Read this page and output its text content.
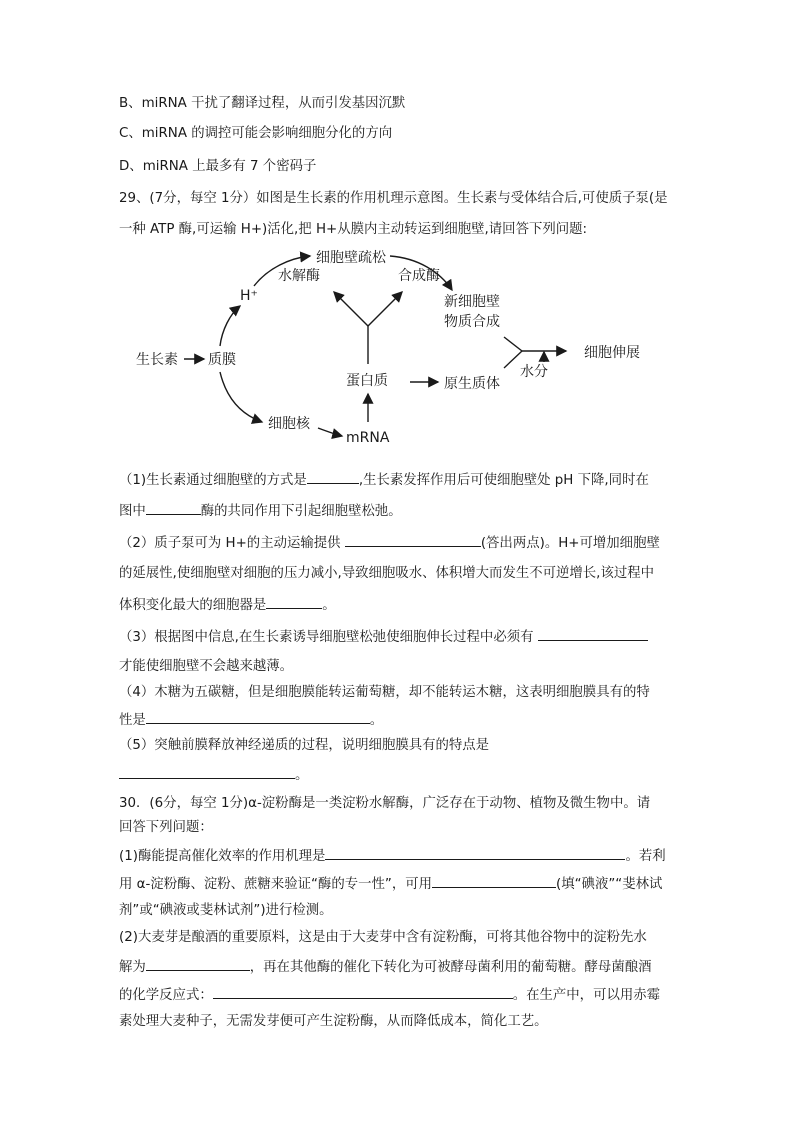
B、miRNA 干扰了翻译过程，从而引发基因沉默
C、miRNA 的调控可能会影响细胞分化的方向
D、miRNA 上最多有 7 个密码子
29、(7分，每空 1分）如图是生长素的作用机理示意图。生长素与受体结合后,可使质子泵(是
一种 ATP 酶,可运输 H+)活化,把 H+从膜内主动转运到细胞壁,请回答下列问题:
细胞壁疏松
水解酶	合成酶
H⁺	新细胞壁
物质合成
生长素 质膜	细胞伸展
水分
蛋白质	原生质体
细胞核
mRNA
（1)生长素通过细胞壁的方式是	,生长素发挥作用后可使细胞壁处 pH 下降,同时在
图中	酶的共同作用下引起细胞壁松弛。
（2）质子泵可为 H+的主动运输提供	(答出两点)。H+可增加细胞壁
的延展性,使细胞壁对细胞的压力减小,导致细胞吸水、体积增大而发生不可逆增长,该过程中
体积变化最大的细胞器是	。
（3）根据图中信息,在生长素诱导细胞壁松弛使细胞伸长过程中必须有
才能使细胞壁不会越来越薄。
（4）木糖为五碳糖，但是细胞膜能转运葡萄糖，却不能转运木糖，这表明细胞膜具有的特
性是	。
（5）突触前膜释放神经递质的过程，说明细胞膜具有的特点是
。
30．(6分，每空 1分)α-淀粉酶是一类淀粉水解酶，广泛存在于动物、植物及微生物中。请
回答下列问题：
(1)酶能提高催化效率的作用机理是	。若利
用 α-淀粉酶、淀粉、蔗糖来验证“酶的专一性”，可用	(填“碘液”“斐林试
剂”或“碘液或斐林试剂”)进行检测。
(2)大麦芽是酿酒的重要原料，这是由于大麦芽中含有淀粉酶，可将其他谷物中的淀粉先水
解为	，再在其他酶的催化下转化为可被酵母菌利用的葡萄糖。酵母菌酿酒
的化学反应式：	。在生产中，可以用赤霉
素处理大麦种子，无需发芽便可产生淀粉酶，从而降低成本，简化工艺。
